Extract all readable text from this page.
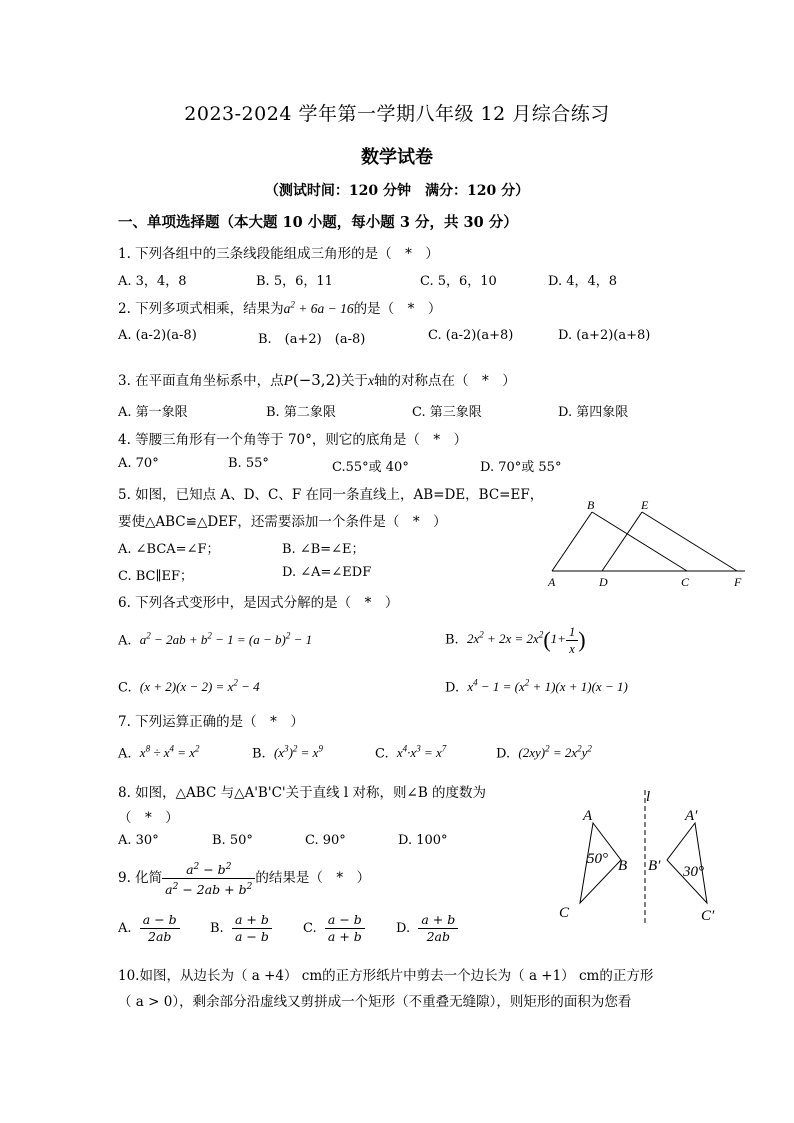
2023-2024 学年第一学期八年级 12 月综合练习
数学试卷
（测试时间：120 分钟　满分：120 分）
一、单项选择题（本大题 10 小题，每小题 3 分，共 30 分）
1. 下列各组中的三条线段能组成三角形的是（　*　）
A. 3，4，8	B. 5，6，11	C. 5，6，10	D. 4，4，8
2. 下列多项式相乘，结果为$a^2 + 6a - 16$的是（　*　）
A. (a-2)(a-8)	B.　(a+2)　(a-8)	C. (a-2)(a+8)	D. (a+2)(a+8)
3. 在平面直角坐标系中，点P(−3,2)关于x轴的对称点在（　*　）
A. 第一象限	B. 第二象限	C. 第三象限	D. 第四象限
4. 等腰三角形有一个角等于 70°，则它的底角是（　*　）
A. 70°	B. 55°	C.55°或 40°	D. 70°或 55°
5. 如图，已知点 A、D、C、F 在同一条直线上，AB=DE，BC=EF，
要使△ABC≌△DEF，还需要添加一个条件是（　*　）
A. ∠BCA=∠F；	B. ∠B=∠E；
C. BC∥EF；	D. ∠A=∠EDF
B	E
A	D	C	F
6. 下列各式变形中，是因式分解的是（　*　）
A. $a^2 - 2ab + b^2 - 1 = (a - b)^2 - 1$	B. $2x^2 + 2x = 2x^2(1+ \frac{1}{x}$ )
C. $(x + 2)(x - 2) = x^2 - 4$	D. $x^4 - 1 = (x^2 + 1)(x + 1)(x - 1)$
7. 下列运算正确的是（　*　）
A. $x^8 \div x^4 = x^2$	B. $(x^3)^2 = x^9$	C. $x^4\cdot x^3 = x^7$	D. $(2xy)^2 = 2x^2y^2$
8. 如图，△ABC 与△A'B'C'关于直线 l 对称，则∠B 的度数为
（　*　）
A. 30°	B. 50°	C. 90°	D. 100°
l
A
B
C
50°
A′
B′
C′
30°
9. 化简 $\frac{a^2 - b^2}{a^2 - 2ab + b^2}$ 的结果是（　*　）
A. $\frac{a - b}{2ab} B$. $\frac{a + b}{a - b} C$. $\frac{a - b}{a + b} D$. $\frac{a + b}{2ab}$
10.如图，从边长为（ a +4） cm的正方形纸片中剪去一个边长为（ a +1） cm的正方形
（ a > 0），剩余部分沿虚线又剪拼成一个矩形（不重叠无缝隙），则矩形的面积为您看
